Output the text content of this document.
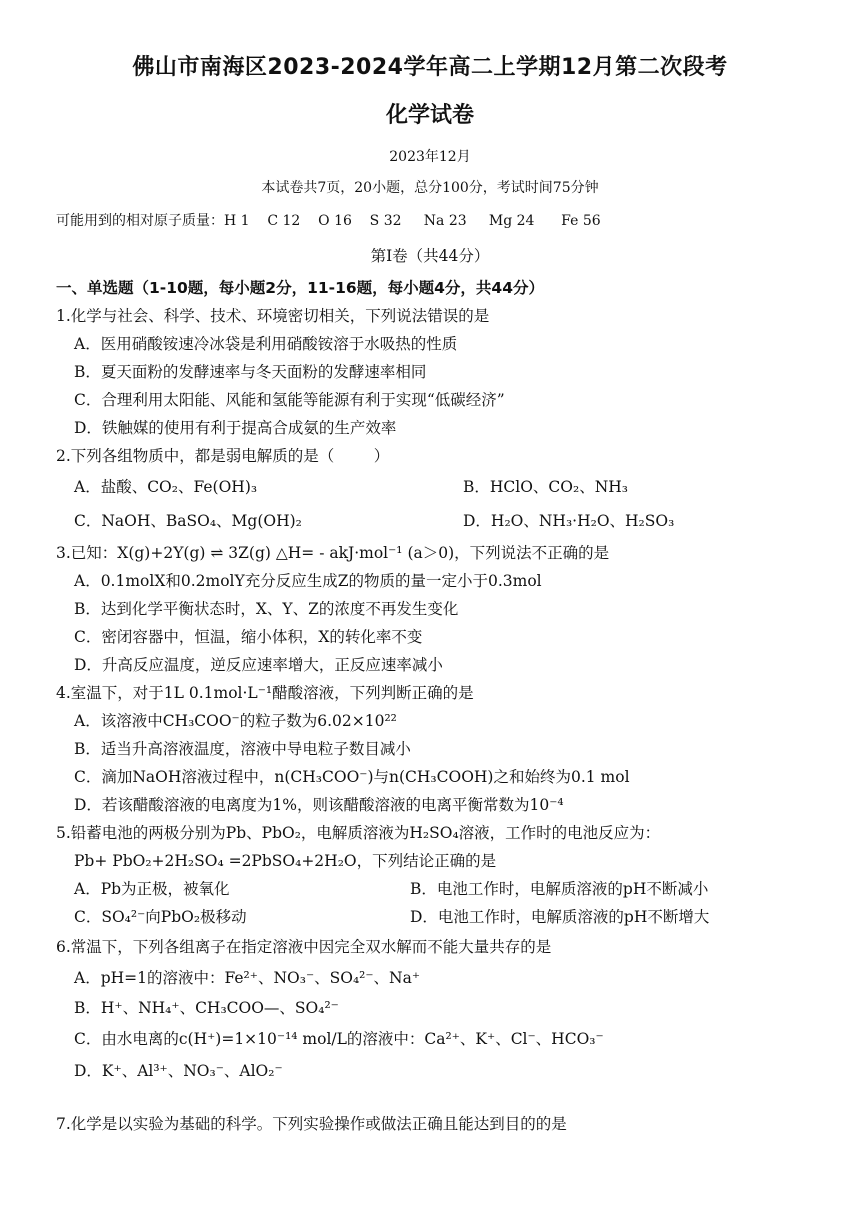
佛山市南海区2023-2024学年高二上学期12月第二次段考
化学试卷
2023年12月
本试卷共7页，20小题，总分100分，考试时间75分钟
可能用到的相对原子质量：H 1    C 12    O 16    S 32     Na 23     Mg 24      Fe 56
第Ⅰ卷（共44分）
一、单选题（1-10题，每小题2分，11-16题，每小题4分，共44分）
1.化学与社会、科学、技术、环境密切相关，下列说法错误的是
A．医用硝酸铵速冷冰袋是利用硝酸铵溶于水吸热的性质
B．夏天面粉的发酵速率与冬天面粉的发酵速率相同
C．合理利用太阳能、风能和氢能等能源有利于实现“低碳经济”
D．铁触媒的使用有利于提高合成氨的生产效率
2.下列各组物质中，都是弱电解质的是（        ）
A．盐酸、CO₂、Fe(OH)₃	B．HClO、CO₂、NH₃
C．NaOH、BaSO₄、Mg(OH)₂	D．H₂O、NH₃·H₂O、H₂SO₃
3.已知：X(g)+2Y(g) ⇌ 3Z(g) △H= - akJ·mol⁻¹ (a＞0)，下列说法不正确的是
A．0.1molX和0.2molY充分反应生成Z的物质的量一定小于0.3mol
B．达到化学平衡状态时，X、Y、Z的浓度不再发生变化
C．密闭容器中，恒温，缩小体积，X的转化率不变
D．升高反应温度，逆反应速率增大，正反应速率减小
4.室温下，对于1L 0.1mol·L⁻¹醋酸溶液，下列判断正确的是
A．该溶液中CH₃COO⁻的粒子数为6.02×10²²
B．适当升高溶液温度，溶液中导电粒子数目减小
C．滴加NaOH溶液过程中，n(CH₃COO⁻)与n(CH₃COOH)之和始终为0.1 mol
D．若该醋酸溶液的电离度为1%，则该醋酸溶液的电离平衡常数为10⁻⁴
5.铅蓄电池的两极分别为Pb、PbO₂，电解质溶液为H₂SO₄溶液，工作时的电池反应为：
Pb+ PbO₂+2H₂SO₄ =2PbSO₄+2H₂O，下列结论正确的是
A．Pb为正极，被氧化	B．电池工作时，电解质溶液的pH不断减小
C．SO₄²⁻向PbO₂极移动	D．电池工作时，电解质溶液的pH不断增大
6.常温下，下列各组离子在指定溶液中因完全双水解而不能大量共存的是
A．pH=1的溶液中：Fe²⁺、NO₃⁻、SO₄²⁻、Na⁺
B．H⁺、NH₄⁺、CH₃COO—、SO₄²⁻
C．由水电离的c(H⁺)=1×10⁻¹⁴ mol/L的溶液中：Ca²⁺、K⁺、Cl⁻、HCO₃⁻
D．K⁺、Al³⁺、NO₃⁻、AlO₂⁻
7.化学是以实验为基础的科学。下列实验操作或做法正确且能达到目的的是
